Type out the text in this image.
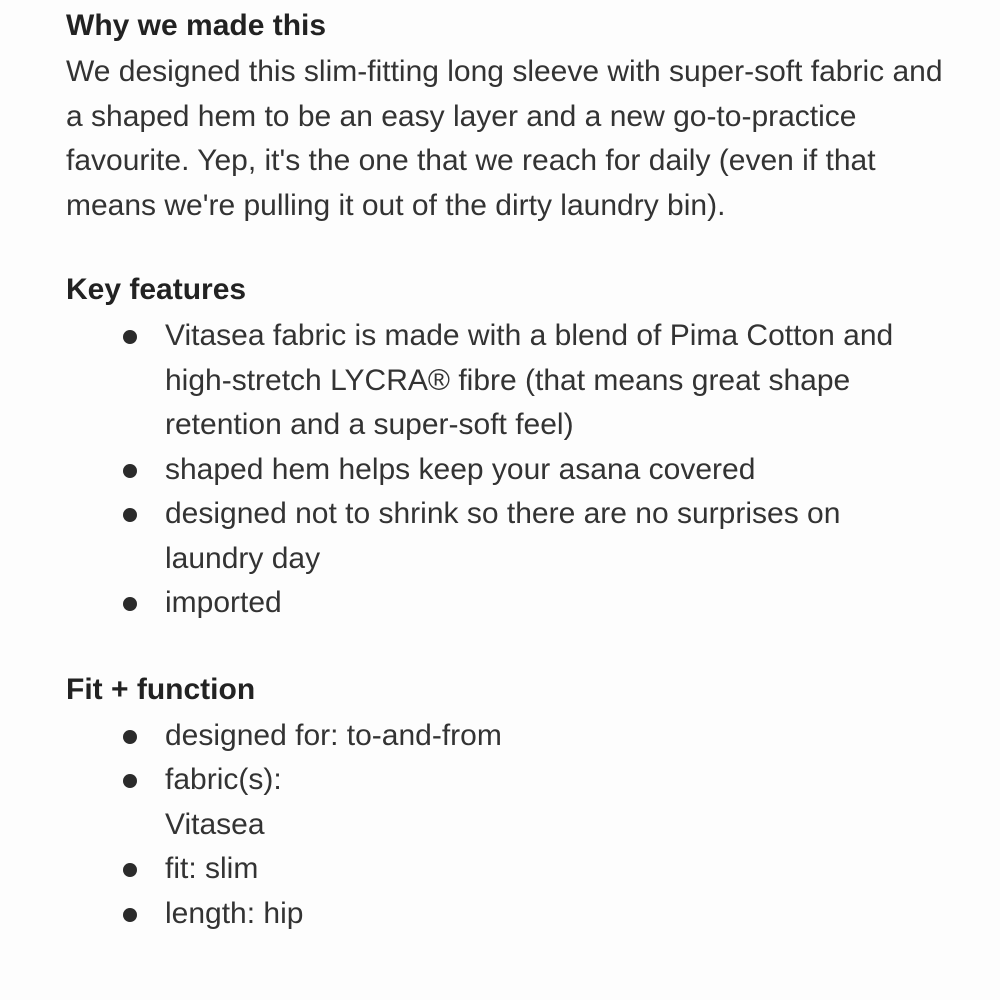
Why we made this

We designed this slim-fitting long sleeve with super-soft fabric and a shaped hem to be an easy layer and a new go-to-practice favourite. Yep, it's the one that we reach for daily (even if that means we're pulling it out of the dirty laundry bin).

Key features
Vitasea fabric is made with a blend of Pima Cotton and high-stretch LYCRA® fibre (that means great shape retention and a super-soft feel)
shaped hem helps keep your asana covered
designed not to shrink so there are no surprises on laundry day
imported
Fit + function
designed for: to-and-from
fabric(s):
Vitasea
fit: slim
length: hip
